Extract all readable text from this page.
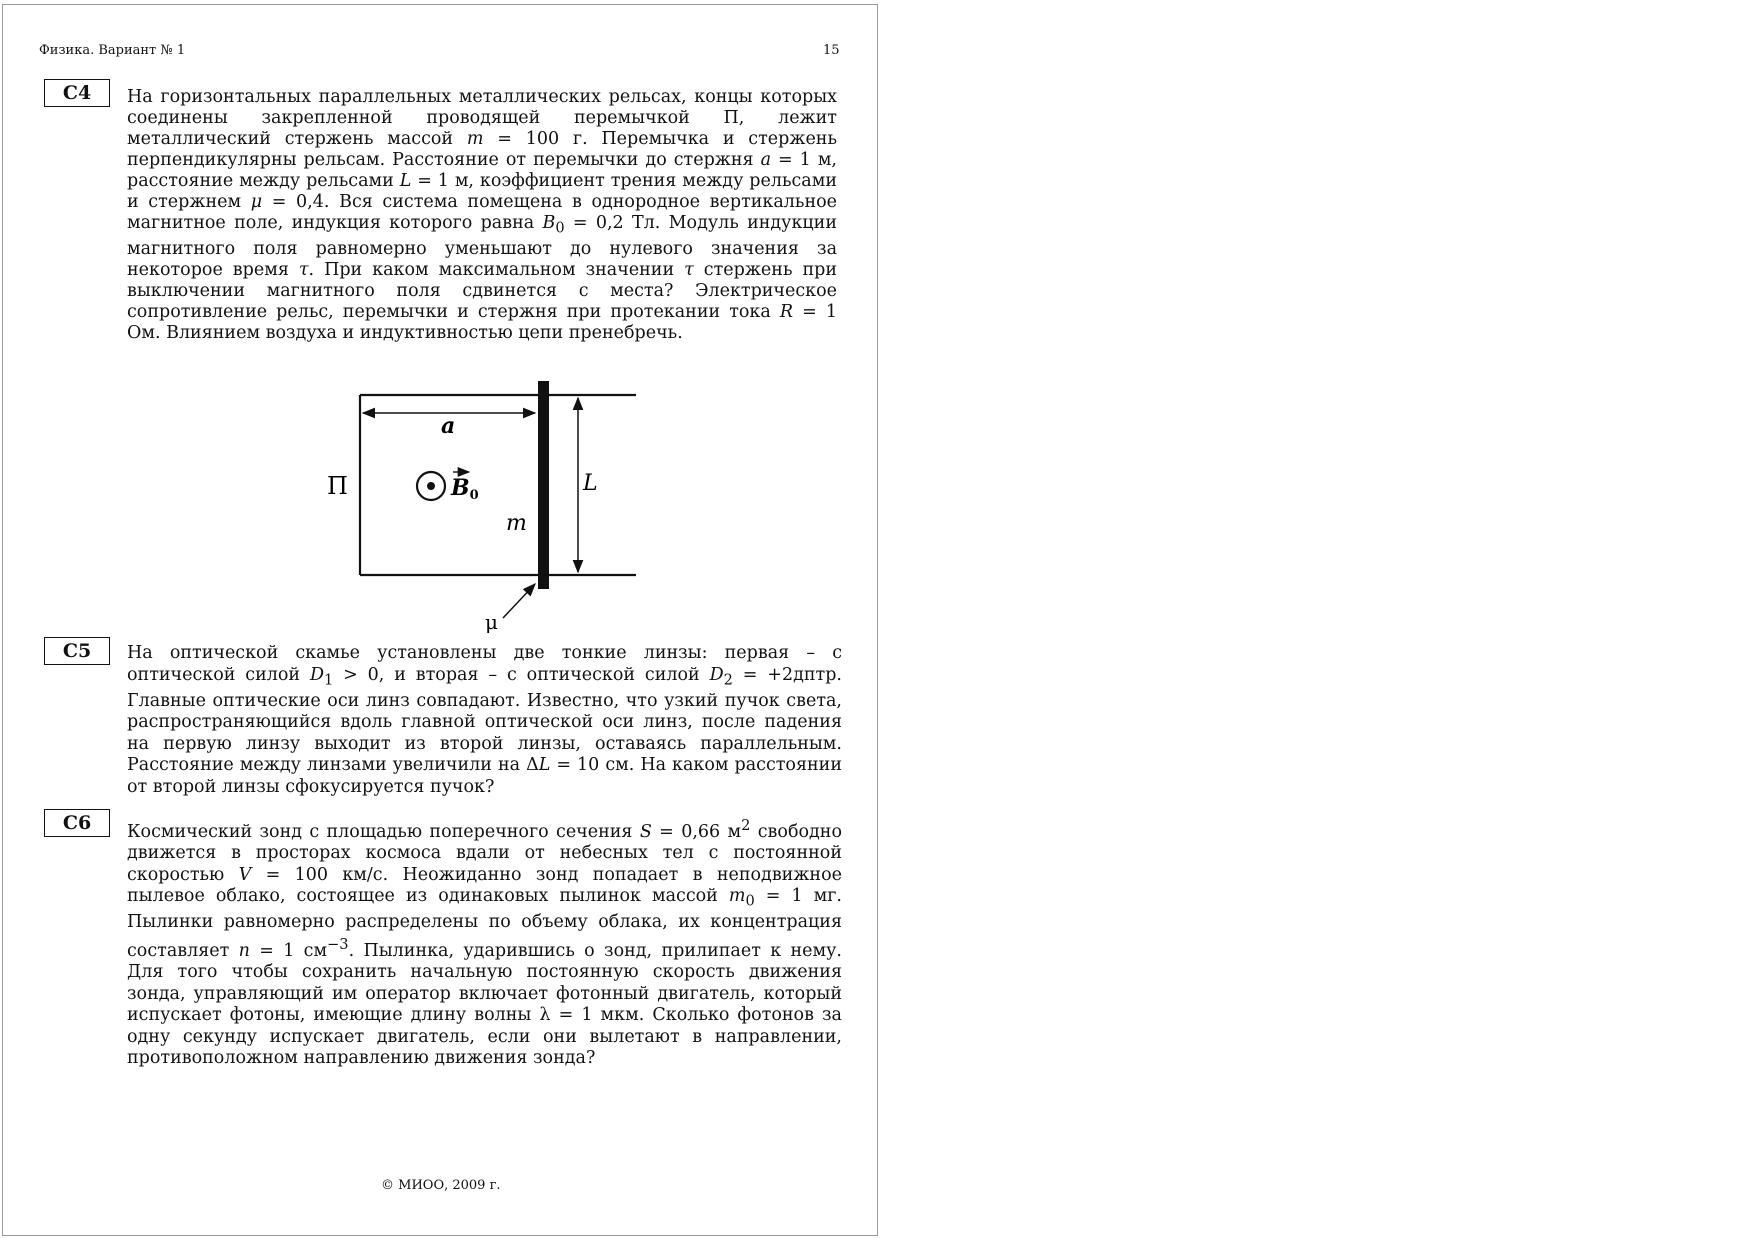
Физика. Вариант № 1	15
C4	На горизонтальных параллельных металлических рельсах, концы которых соединены закрепленной проводящей перемычкой П, лежит металлический стержень массой m = 100 г. Перемычка и стержень перпендикулярны рельсам. Расстояние от перемычки до стержня a = 1 м, расстояние между рельсами L = 1 м, коэффициент трения между рельсами и стержнем μ = 0,4. Вся система помещена в однородное вертикальное магнитное поле, индукция которого равна $B_0 = 0,2$ Тл. Модуль индукции магнитного поля равномерно уменьшают до нулевого значения за некоторое время τ. При каком максимальном значении τ стержень при выключении магнитного поля сдвинется с места? Электрическое сопротивление рельс, перемычки и стержня при протекании тока R = 1 Ом. Влиянием воздуха и индуктивностью цепи пренебречь.

a
L
П	B0
m
μ
C5	На оптической скамье установлены две тонкие линзы: первая – с оптической силой $D_1 > 0$, и вторая – с оптической силой $D_2$ = +2дптр. Главные оптические оси линз совпадают. Известно, что узкий пучок света, распространяющийся вдоль главной оптической оси линз, после падения на первую линзу выходит из второй линзы, оставаясь параллельным. Расстояние между линзами увеличили на ΔL = 10 см. На каком расстоянии от второй линзы сфокусируется пучок?

C6	Космический зонд с площадью поперечного сечения S = 0,66 $м^2$ свободно движется в просторах космоса вдали от небесных тел с постоянной скоростью V = 100 км/с. Неожиданно зонд попадает в неподвижное пылевое облако, состоящее из одинаковых пылинок массой $m_0 = 1$ мг. Пылинки равномерно распределены по объему облака, их концентрация составляет n = 1 $см^{-3}$. Пылинка, ударившись о зонд, прилипает к нему. Для того чтобы сохранить начальную постоянную скорость движения зонда, управляющий им оператор включает фотонный двигатель, который испускает фотоны, имеющие длину волны λ = 1 мкм. Сколько фотонов за одну секунду испускает двигатель, если они вылетают в направлении, противоположном направлению движения зонда?

© МИОО, 2009 г.
